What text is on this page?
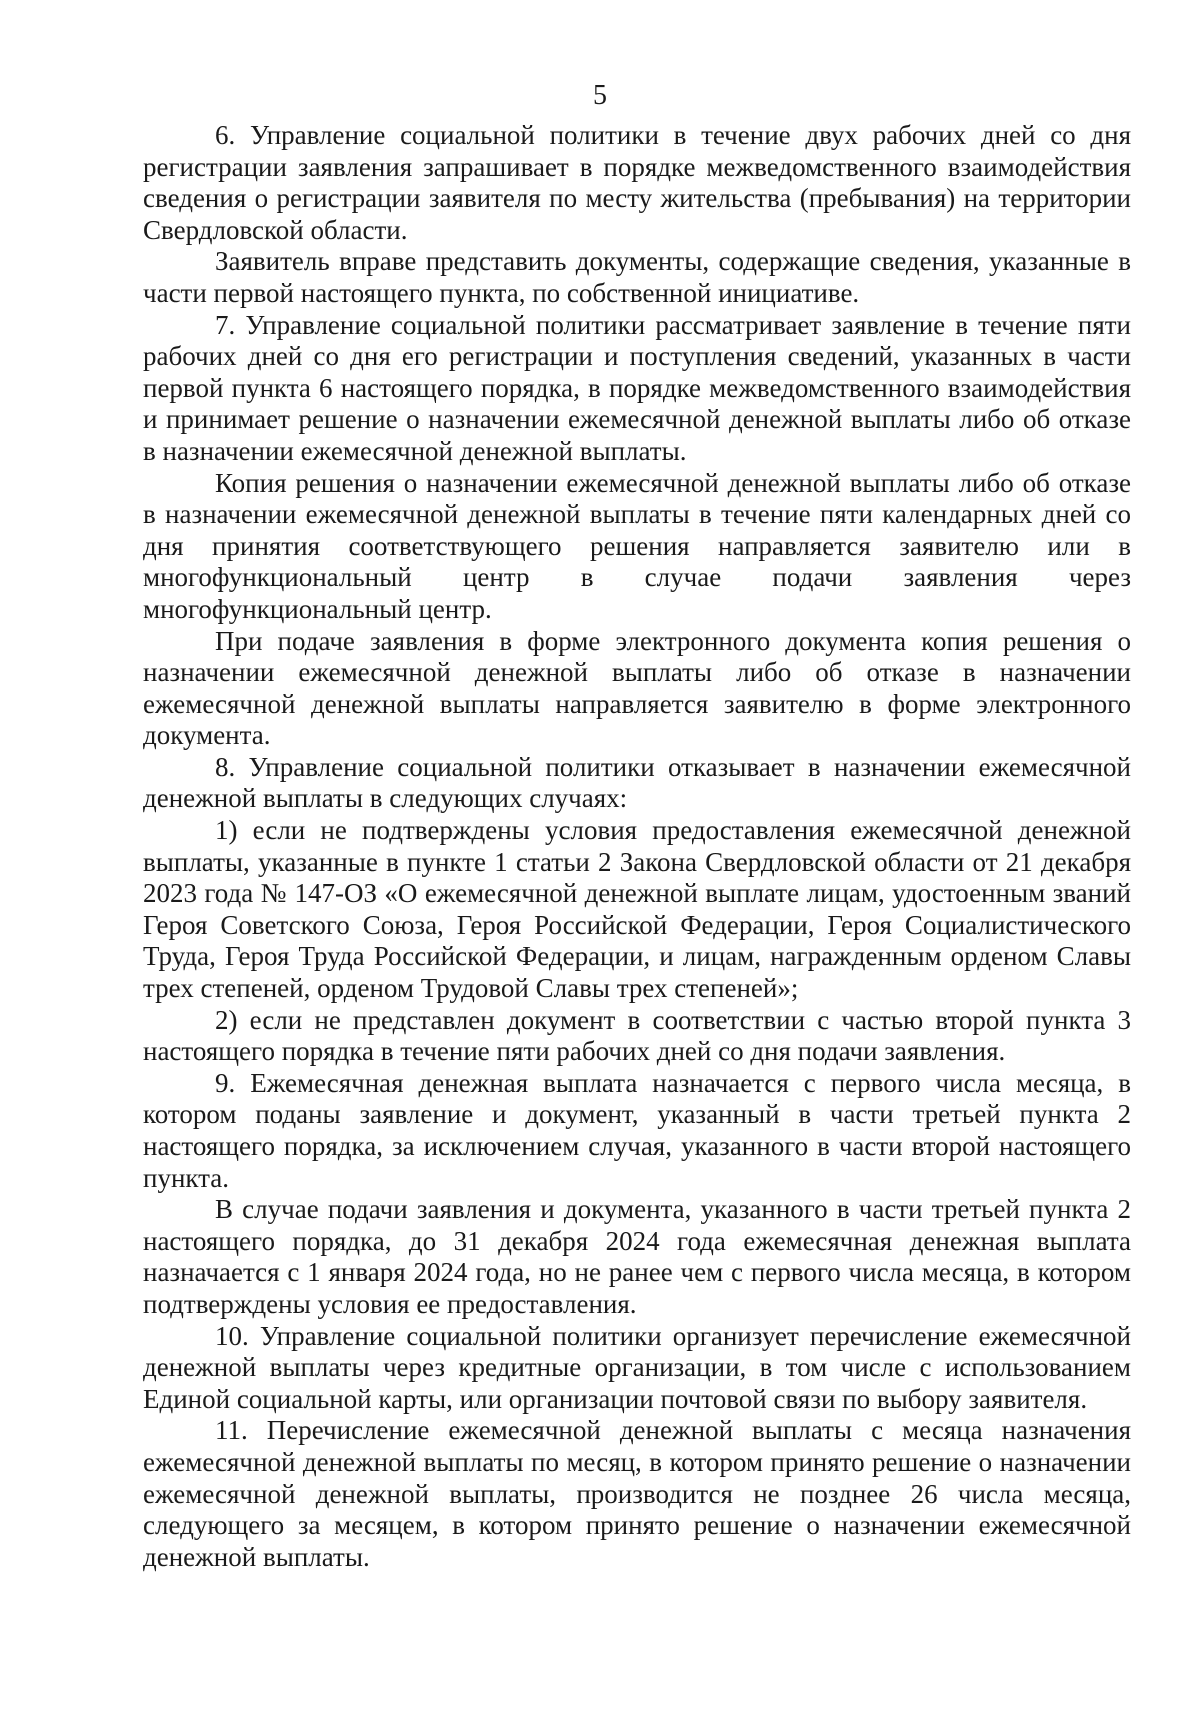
5

6. Управление социальной политики в течение двух рабочих дней со дня регистрации заявления запрашивает в порядке межведомственного взаимодействия сведения о регистрации заявителя по месту жительства (пребывания) на территории Свердловской области.

Заявитель вправе представить документы, содержащие сведения, указанные в части первой настоящего пункта, по собственной инициативе.

7. Управление социальной политики рассматривает заявление в течение пяти рабочих дней со дня его регистрации и поступления сведений, указанных в части первой пункта 6 настоящего порядка, в порядке межведомственного взаимодействия и принимает решение о назначении ежемесячной денежной выплаты либо об отказе в назначении ежемесячной денежной выплаты.

Копия решения о назначении ежемесячной денежной выплаты либо об отказе в назначении ежемесячной денежной выплаты в течение пяти календарных дней со дня принятия соответствующего решения направляется заявителю или в многофункциональный центр в случае подачи заявления через многофункциональный центр.

При подаче заявления в форме электронного документа копия решения о назначении ежемесячной денежной выплаты либо об отказе в назначении ежемесячной денежной выплаты направляется заявителю в форме электронного документа.

8. Управление социальной политики отказывает в назначении ежемесячной денежной выплаты в следующих случаях:

1) если не подтверждены условия предоставления ежемесячной денежной выплаты, указанные в пункте 1 статьи 2 Закона Свердловской области от 21 декабря 2023 года № 147-ОЗ «О ежемесячной денежной выплате лицам, удостоенным званий Героя Советского Союза, Героя Российской Федерации, Героя Социалистического Труда, Героя Труда Российской Федерации, и лицам, награжденным орденом Славы трех степеней, орденом Трудовой Славы трех степеней»;

2) если не представлен документ в соответствии с частью второй пункта 3 настоящего порядка в течение пяти рабочих дней со дня подачи заявления.

9. Ежемесячная денежная выплата назначается с первого числа месяца, в котором поданы заявление и документ, указанный в части третьей пункта 2 настоящего порядка, за исключением случая, указанного в части второй настоящего пункта.

В случае подачи заявления и документа, указанного в части третьей пункта 2 настоящего порядка, до 31 декабря 2024 года ежемесячная денежная выплата назначается с 1 января 2024 года, но не ранее чем с первого числа месяца, в котором подтверждены условия ее предоставления.

10. Управление социальной политики организует перечисление ежемесячной денежной выплаты через кредитные организации, в том числе с использованием Единой социальной карты, или организации почтовой связи по выбору заявителя.

11. Перечисление ежемесячной денежной выплаты с месяца назначения ежемесячной денежной выплаты по месяц, в котором принято решение о назначении ежемесячной денежной выплаты, производится не позднее 26 числа месяца, следующего за месяцем, в котором принято решение о назначении ежемесячной денежной выплаты.
